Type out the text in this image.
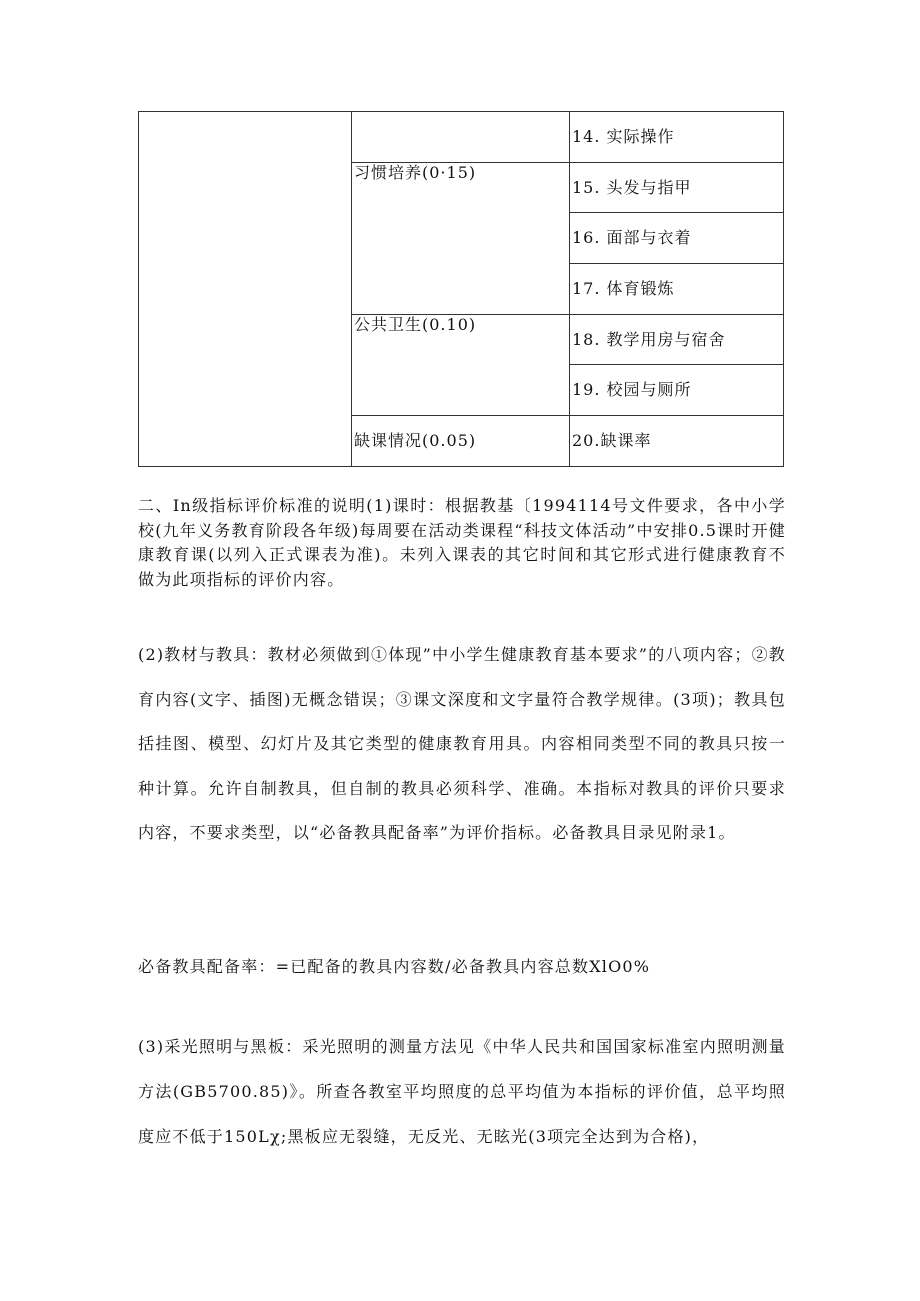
		14. 实际操作
	习惯培养(0·15)	15. 头发与指甲
		16. 面部与衣着
		17. 体育锻炼
	公共卫生(0.10)	18. 教学用房与宿舍
		19. 校园与厕所
	缺课情况(0.05)	20.缺课率

二、In级指标评价标准的说明(1)课时：根据教基〔1994114号文件要求，各中小学校(九年义务教育阶段各年级)每周要在活动类课程“科技文体活动”中安排0.5课时开健康教育课(以列入正式课表为准)。未列入课表的其它时间和其它形式进行健康教育不做为此项指标的评价内容。

(2)教材与教具：教材必须做到①体现”中小学生健康教育基本要求”的八项内容；②教育内容(文字、插图)无概念错误；③课文深度和文字量符合教学规律。(3项)；教具包括挂图、模型、幻灯片及其它类型的健康教育用具。内容相同类型不同的教具只按一种计算。允许自制教具，但自制的教具必须科学、准确。本指标对教具的评价只要求内容，不要求类型，以“必备教具配备率”为评价指标。必备教具目录见附录1。

必备教具配备率：=已配备的教具内容数/必备教具内容总数XlO0%

(3)采光照明与黑板：采光照明的测量方法见《中华人民共和国国家标准室内照明测量方法(GB5700.85)》。所查各教室平均照度的总平均值为本指标的评价值，总平均照度应不低于150Lχ;黑板应无裂缝，无反光、无眩光(3项完全达到为合格)，
